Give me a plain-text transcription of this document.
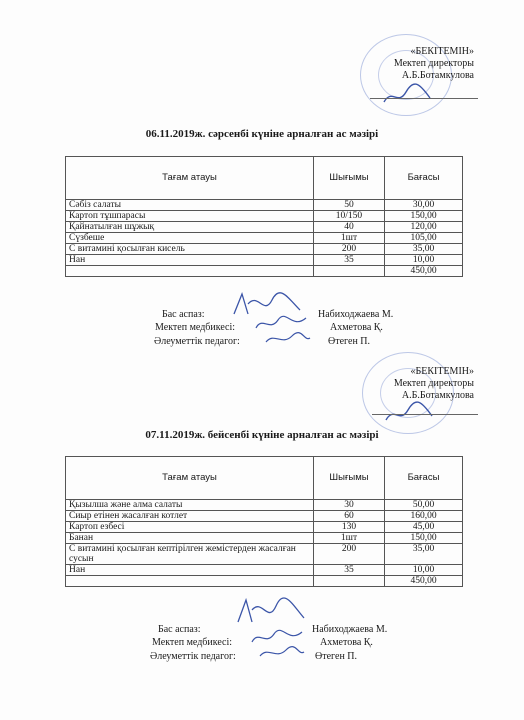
«БЕКІТЕМІН»
Мектеп директоры
А.Б.Ботамкулова
06.11.2019ж. сәрсенбі күніне арналған ас мәзірі
Тағам атауы	Шығымы	Бағасы
Сәбіз салаты	50	30,00
Картоп тұшпарасы	10/150	150,00
Қайнатылған шұжық	40	120,00
Сүзбеше	1шт	105,00
С витамині қосылған кисель	200	35,00
Нан	35	10,00
		450,00
Бас аспаз:	Набиходжаева М.
Мектеп медбикесі:	Ахметова Қ.
Әлеуметтік педагог:	Өтеген П.
«БЕКІТЕМІН»
Мектеп директоры
А.Б.Ботамкулова
07.11.2019ж. бейсенбі күніне арналған ас мәзірі
Тағам атауы	Шығымы	Бағасы
Қызылша және алма салаты	30	50,00
Сиыр етінен жасалған котлет	60	160,00
Картоп езбесі	130	45,00
Банан	1шт	150,00
С витамині қосылған кептірілген жемістерден жасалған сусын	200	35,00
Нан	35	10,00
		450,00
Бас аспаз:	Набиходжаева М.
Мектеп медбикесі:	Ахметова Қ.
Әлеуметтік педагог:	Өтеген П.
